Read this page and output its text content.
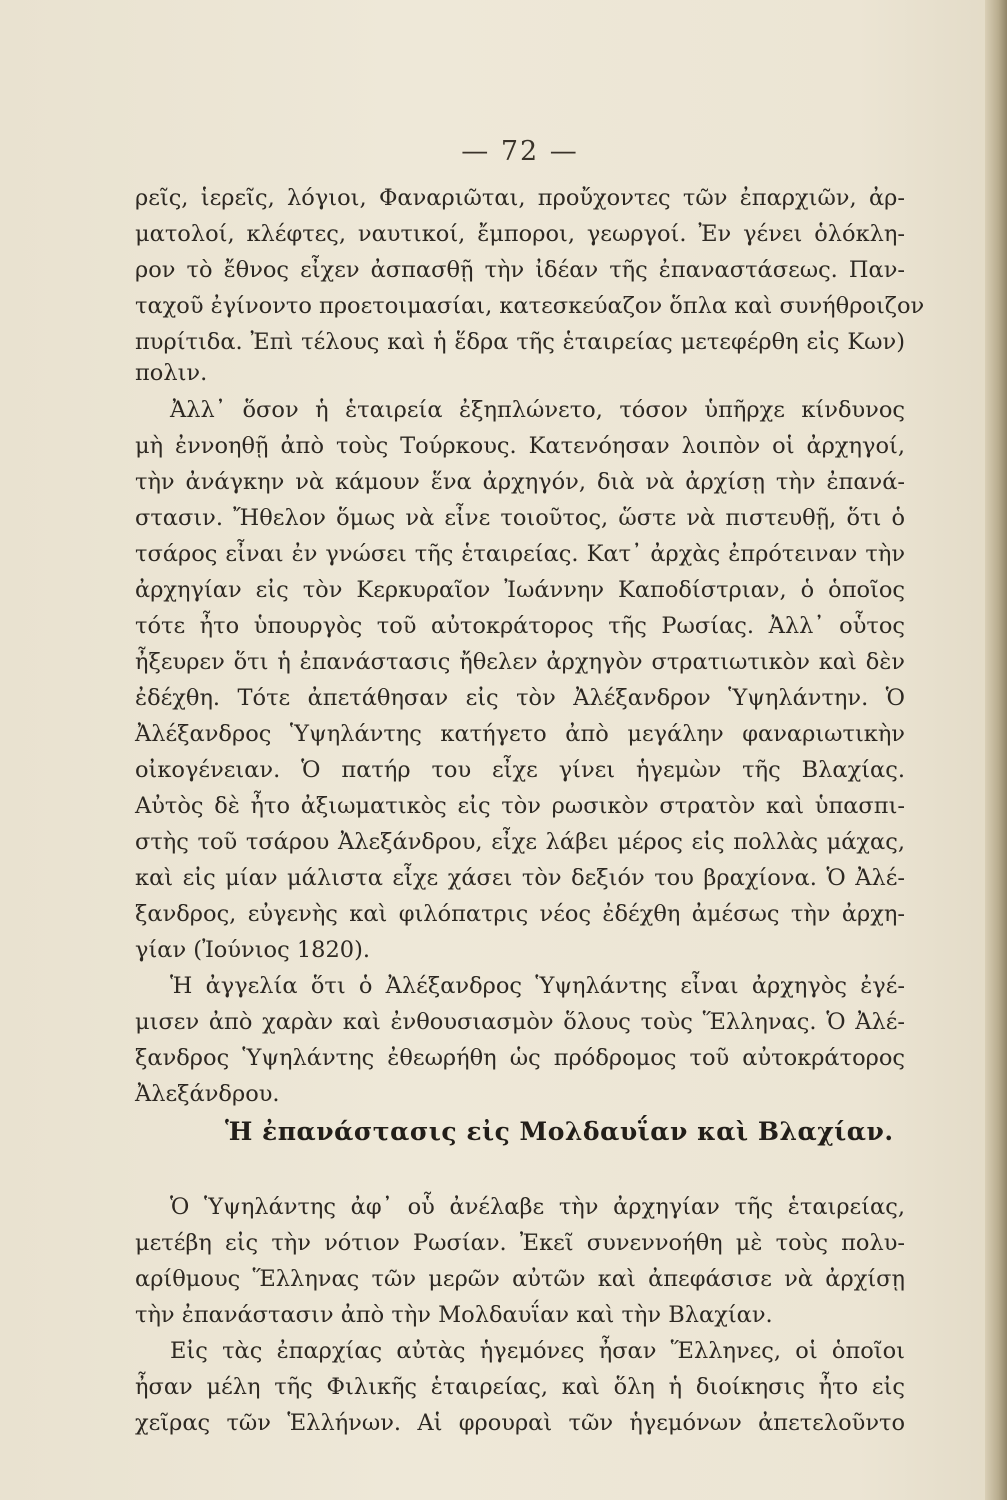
— 72 —
ρεῖς, ἱερεῖς, λόγιοι, Φαναριῶται, προὔχοντες τῶν ἐπαρχιῶν, ἀρ-
ματολοί, κλέφτες, ναυτικοί, ἔμποροι, γεωργοί. Ἐν γένει ὁλόκλη-
ρον τὸ ἔθνος εἶχεν ἀσπασθῇ τὴν ἰδέαν τῆς ἐπαναστάσεως. Παν-
ταχοῦ ἐγίνοντο προετοιμασίαι, κατεσκεύαζον ὅπλα καὶ συνήθροιζον
πυρίτιδα. Ἐπὶ τέλους καὶ ἡ ἕδρα τῆς ἑταιρείας μετεφέρθη εἰς Κων)
πολιν.
Ἀλλ᾽ ὅσον ἡ ἑταιρεία ἐξηπλώνετο, τόσον ὑπῆρχε κίνδυνος
μὴ ἐννοηθῇ ἀπὸ τοὺς Τούρκους. Κατενόησαν λοιπὸν οἱ ἀρχηγοί,
τὴν ἀνάγκην νὰ κάμουν ἕνα ἀρχηγόν, διὰ νὰ ἀρχίσῃ τὴν ἐπανά-
στασιν. Ἤθελον ὅμως νὰ εἶνε τοιοῦτος, ὥστε νὰ πιστευθῇ, ὅτι ὁ
τσάρος εἶναι ἐν γνώσει τῆς ἑταιρείας. Κατ᾽ ἀρχὰς ἐπρότειναν τὴν
ἀρχηγίαν εἰς τὸν Κερκυραῖον Ἰωάννην Καποδίστριαν, ὁ ὁποῖος
τότε ἦτο ὑπουργὸς τοῦ αὐτοκράτορος τῆς Ρωσίας. Ἀλλ᾽ οὗτος
ἦξευρεν ὅτι ἡ ἐπανάστασις ἤθελεν ἀρχηγὸν στρατιωτικὸν καὶ δὲν
ἐδέχθη. Τότε ἀπετάθησαν εἰς τὸν Ἀλέξανδρον Ὑψηλάντην. Ὁ
Ἀλέξανδρος Ὑψηλάντης κατήγετο ἀπὸ μεγάλην φαναριωτικὴν
οἰκογένειαν. Ὁ πατήρ του εἶχε γίνει ἡγεμὼν τῆς Βλαχίας.
Αὐτὸς δὲ ἦτο ἀξιωματικὸς εἰς τὸν ρωσικὸν στρατὸν καὶ ὑπασπι-
στὴς τοῦ τσάρου Ἀλεξάνδρου, εἶχε λάβει μέρος εἰς πολλὰς μάχας,
καὶ εἰς μίαν μάλιστα εἶχε χάσει τὸν δεξιόν του βραχίονα. Ὁ Ἀλέ-
ξανδρος, εὐγενὴς καὶ φιλόπατρις νέος ἐδέχθη ἀμέσως τὴν ἀρχη-
γίαν (Ἰούνιος 1820).
Ἡ ἀγγελία ὅτι ὁ Ἀλέξανδρος Ὑψηλάντης εἶναι ἀρχηγὸς ἐγέ-
μισεν ἀπὸ χαρὰν καὶ ἐνθουσιασμὸν ὅλους τοὺς Ἕλληνας. Ὁ Ἀλέ-
ξανδρος Ὑψηλάντης ἐθεωρήθη ὡς πρόδρομος τοῦ αὐτοκράτορος
Ἀλεξάνδρου.
Ἡ ἐπανάστασις εἰς Μολδαυΐαν καὶ Βλαχίαν.
Ὁ Ὑψηλάντης ἀφ᾽ οὗ ἀνέλαβε τὴν ἀρχηγίαν τῆς ἑταιρείας,
μετέβη εἰς τὴν νότιον Ρωσίαν. Ἐκεῖ συνεννοήθη μὲ τοὺς πολυ-
αρίθμους Ἕλληνας τῶν μερῶν αὐτῶν καὶ ἀπεφάσισε νὰ ἀρχίσῃ
τὴν ἐπανάστασιν ἀπὸ τὴν Μολδαυΐαν καὶ τὴν Βλαχίαν.
Εἰς τὰς ἐπαρχίας αὐτὰς ἡγεμόνες ἦσαν Ἕλληνες, οἱ ὁποῖοι
ἦσαν μέλη τῆς Φιλικῆς ἑταιρείας, καὶ ὅλη ἡ διοίκησις ἦτο εἰς
χεῖρας τῶν Ἑλλήνων. Αἱ φρουραὶ τῶν ἡγεμόνων ἀπετελοῦντο
